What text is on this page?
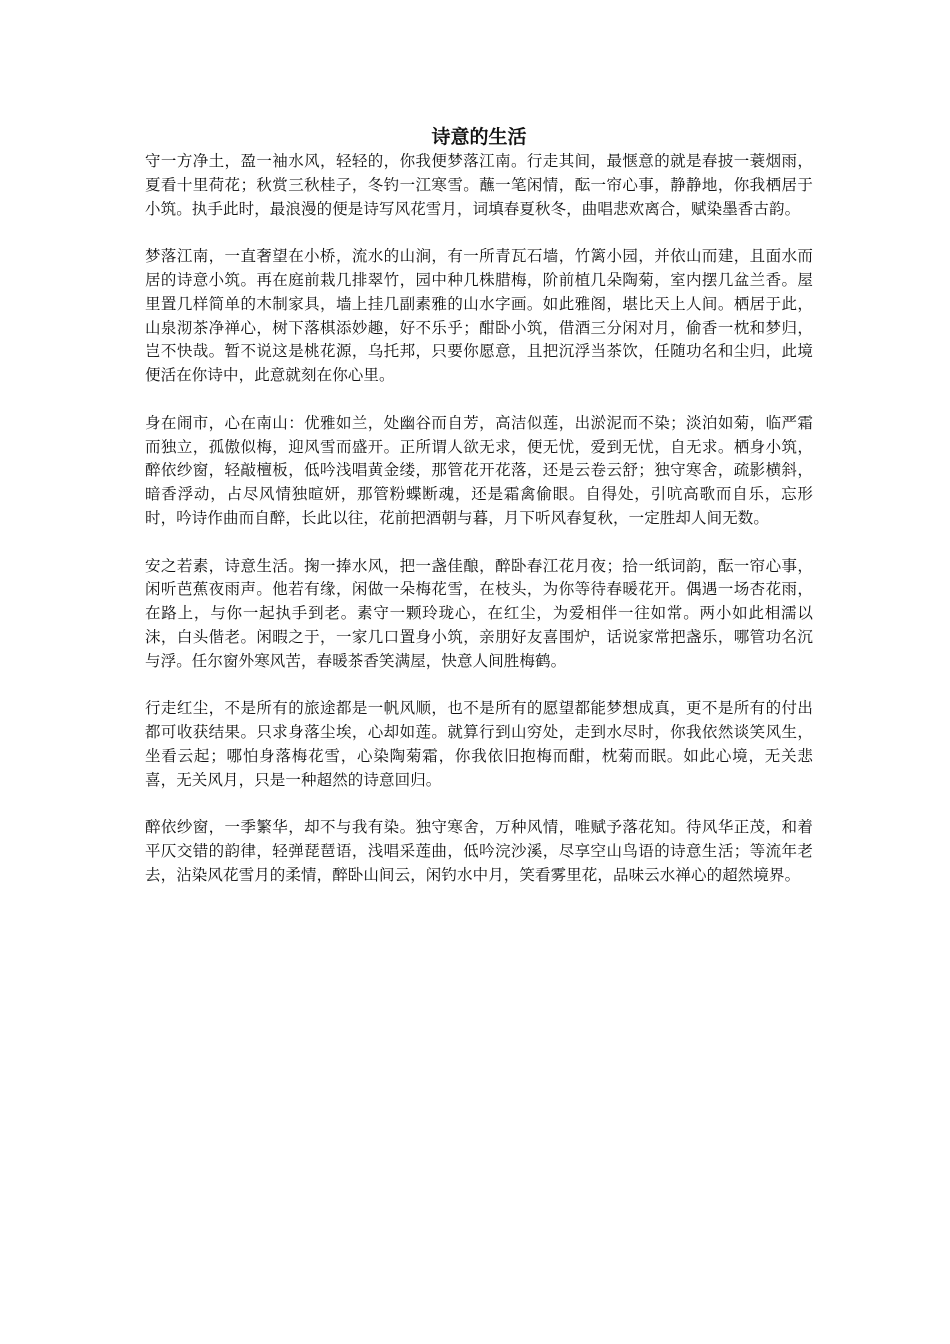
诗意的生活

守一方净土，盈一袖水风，轻轻的，你我便梦落江南。行走其间，最惬意的就是春披一蓑烟雨，夏看十里荷花；秋赏三秋桂子，冬钓一江寒雪。蘸一笔闲情，酝一帘心事，静静地，你我栖居于小筑。执手此时，最浪漫的便是诗写风花雪月，词填春夏秋冬，曲唱悲欢离合，赋染墨香古韵。

梦落江南，一直奢望在小桥，流水的山涧，有一所青瓦石墙，竹篱小园，并依山而建，且面水而居的诗意小筑。再在庭前栽几排翠竹，园中种几株腊梅，阶前植几朵陶菊，室内摆几盆兰香。屋里置几样简单的木制家具，墙上挂几副素雅的山水字画。如此雅阁，堪比天上人间。栖居于此，山泉沏茶净禅心，树下落棋添妙趣，好不乐乎；酣卧小筑，借酒三分闲对月，偷香一枕和梦归，岂不快哉。暂不说这是桃花源，乌托邦，只要你愿意，且把沉浮当茶饮，任随功名和尘归，此境便活在你诗中，此意就刻在你心里。

身在闹市，心在南山：优雅如兰，处幽谷而自芳，高洁似莲，出淤泥而不染；淡泊如菊，临严霜而独立，孤傲似梅，迎风雪而盛开。正所谓人欲无求，便无忧，爱到无忧，自无求。栖身小筑，醉依纱窗，轻敲檀板，低吟浅唱黄金缕，那管花开花落，还是云卷云舒；独守寒舍，疏影横斜，暗香浮动，占尽风情独暄妍，那管粉蝶断魂，还是霜禽偷眼。自得处，引吭高歌而自乐，忘形时，吟诗作曲而自醉，长此以往，花前把酒朝与暮，月下听风春复秋，一定胜却人间无数。

安之若素，诗意生活。掬一捧水风，把一盏佳酿，醉卧春江花月夜；拾一纸词韵，酝一帘心事，闲听芭蕉夜雨声。他若有缘，闲做一朵梅花雪，在枝头，为你等待春暖花开。偶遇一场杏花雨，在路上，与你一起执手到老。素守一颗玲珑心，在红尘，为爱相伴一往如常。两小如此相濡以沫，白头偕老。闲暇之于，一家几口置身小筑，亲朋好友喜围炉，话说家常把盏乐，哪管功名沉与浮。任尔窗外寒风苦，春暖茶香笑满屋，快意人间胜梅鹤。

行走红尘，不是所有的旅途都是一帆风顺，也不是所有的愿望都能梦想成真，更不是所有的付出都可收获结果。只求身落尘埃，心却如莲。就算行到山穷处，走到水尽时，你我依然谈笑风生，坐看云起；哪怕身落梅花雪，心染陶菊霜，你我依旧抱梅而酣，枕菊而眠。如此心境，无关悲喜，无关风月，只是一种超然的诗意回归。

醉依纱窗，一季繁华，却不与我有染。独守寒舍，万种风情，唯赋予落花知。待风华正茂，和着平仄交错的韵律，轻弹琵琶语，浅唱采莲曲，低吟浣沙溪，尽享空山鸟语的诗意生活；等流年老去，沾染风花雪月的柔情，醉卧山间云，闲钓水中月，笑看雾里花，品味云水禅心的超然境界。
